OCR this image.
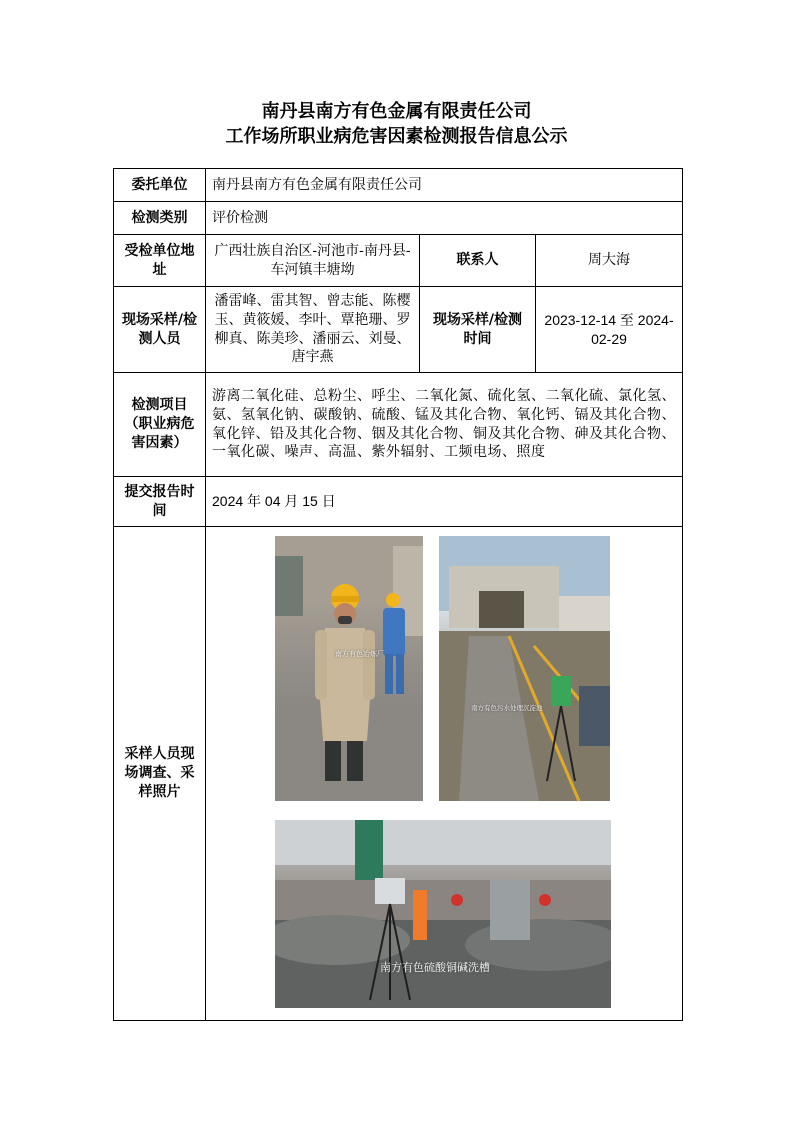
南丹县南方有色金属有限责任公司
工作场所职业病危害因素检测报告信息公示
委托单位	南丹县南方有色金属有限责任公司		
检测类别	评价检测		
受检单位地址	广西壮族自治区-河池市-南丹县-车河镇丰塘坳	联系人	周大海
现场采样/检测人员	潘雷峰、雷其智、曾志能、陈樱玉、黄筱媛、李叶、覃艳珊、罗柳真、陈美珍、潘丽云、刘曼、唐宇燕	现场采样/检测时间	2023-12-14 至 2024-02-29
检测项目（职业病危害因素）	游离二氧化硅、总粉尘、呼尘、二氧化氮、硫化氢、二氧化硫、氯化氢、氨、氢氧化钠、碳酸钠、硫酸、锰及其化合物、氧化钙、镉及其化合物、氧化锌、铅及其化合物、铟及其化合物、铜及其化合物、砷及其化合物、一氧化碳、噪声、高温、紫外辐射、工频电场、照度		
提交报告时间	2024 年 04 月 15 日		
采样人员现场调查、采样照片	南方有色冶炼厂
南方有色污水处理沉淀池
南方有色硫酸铜碱洗槽		
